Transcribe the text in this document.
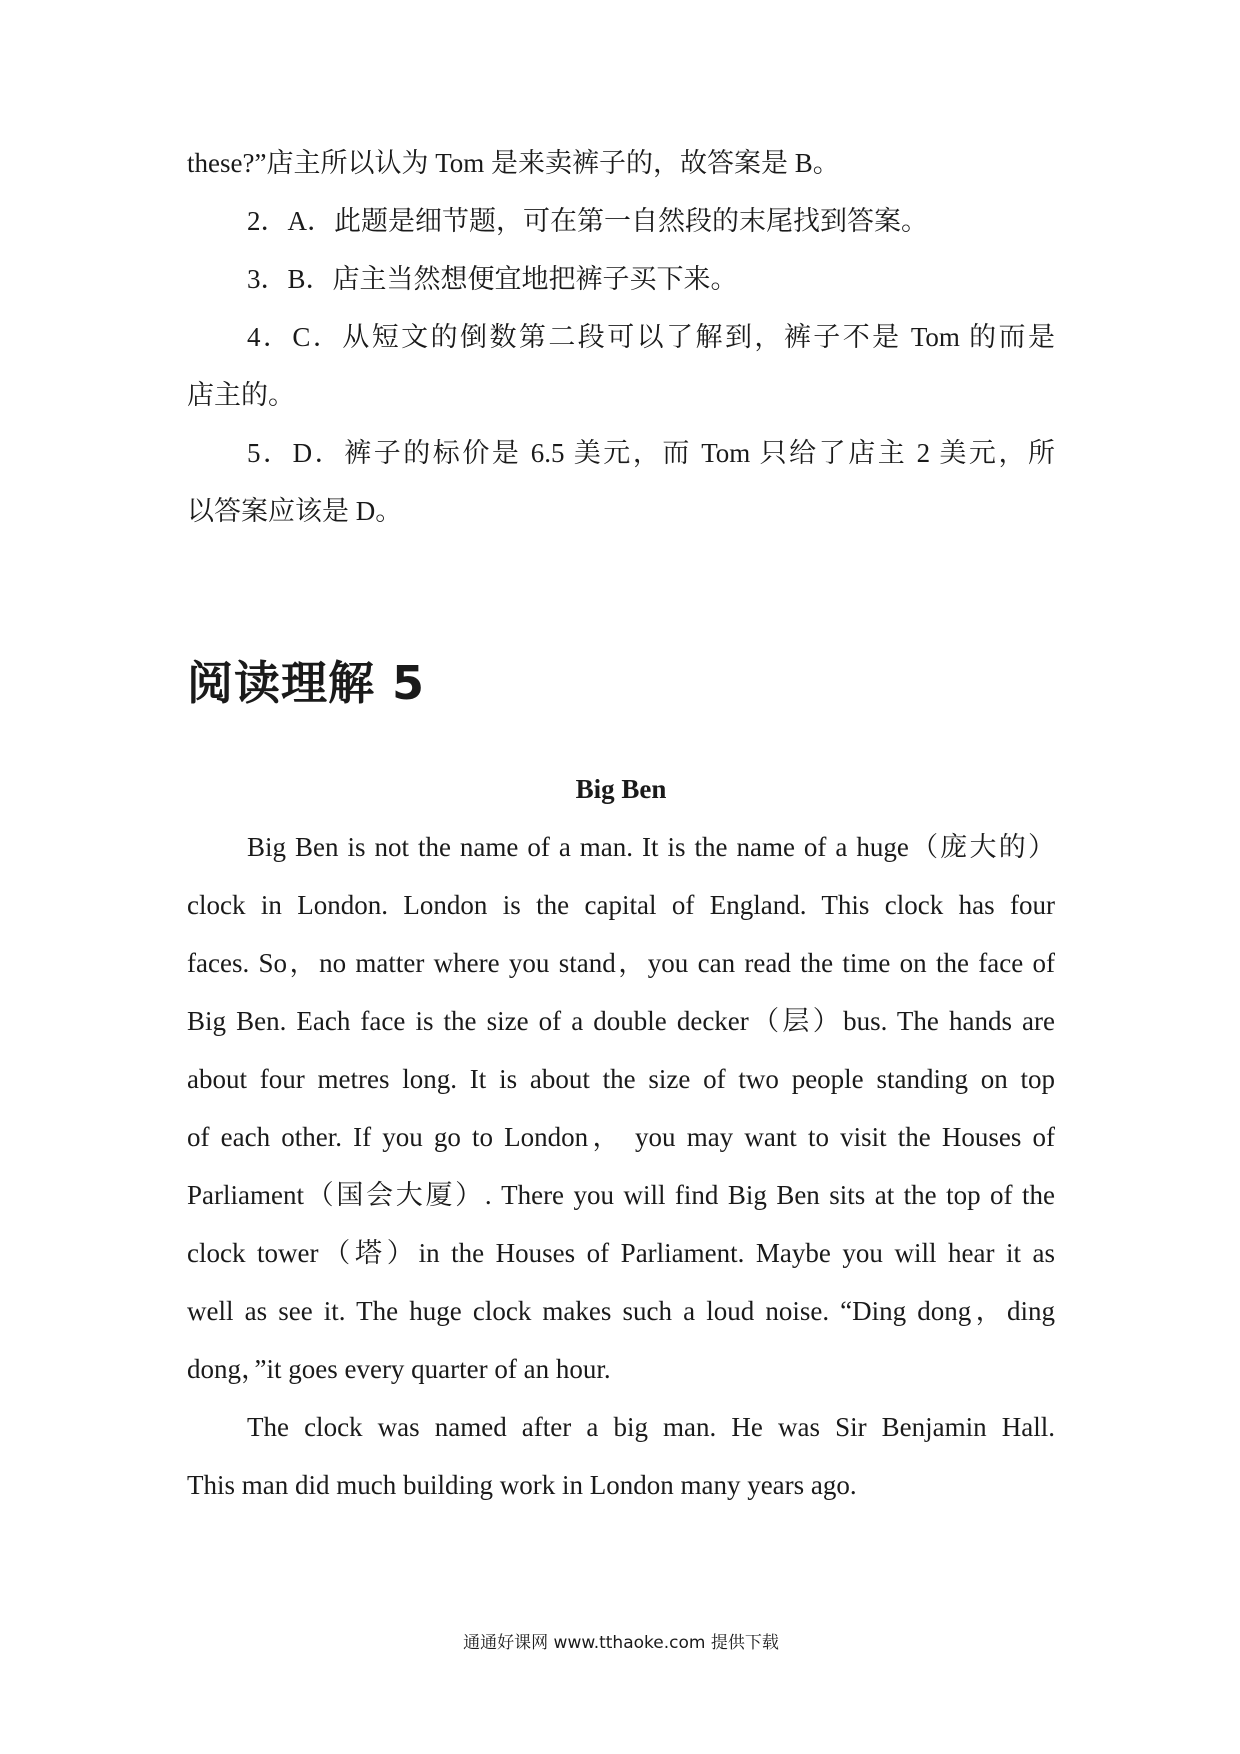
these?”店主所以认为 Tom 是来卖裤子的，故答案是 B。
2．A．此题是细节题，可在第一自然段的末尾找到答案。
3．B．店主当然想便宜地把裤子买下来。
4．C．从短文的倒数第二段可以了解到，裤子不是 Tom 的而是
店主的。
5．D．裤子的标价是 6.5 美元，而 Tom 只给了店主 2 美元，所
以答案应该是 D。
阅读理解 5
Big Ben
Big Ben is not the name of a man. It is the name of a huge（庞大的）
clock in London. London is the capital of England. This clock has four
faces. So，no matter where you stand，you can read the time on the face of
Big Ben. Each face is the size of a double decker（层）bus. The hands are
about four metres long. It is about the size of two people standing on top
of each other. If you go to London， you may want to visit the Houses of
Parliament（国会大厦）. There you will find Big Ben sits at the top of the
clock tower（塔）in the Houses of Parliament. Maybe you will hear it as
well as see it. The huge clock makes such a loud noise. “Ding dong，ding
dong，”it goes every quarter of an hour.
The clock was named after a big man. He was Sir Benjamin Hall.
This man did much building work in London many years ago.
通通好课网 www.tthaoke.com 提供下载
